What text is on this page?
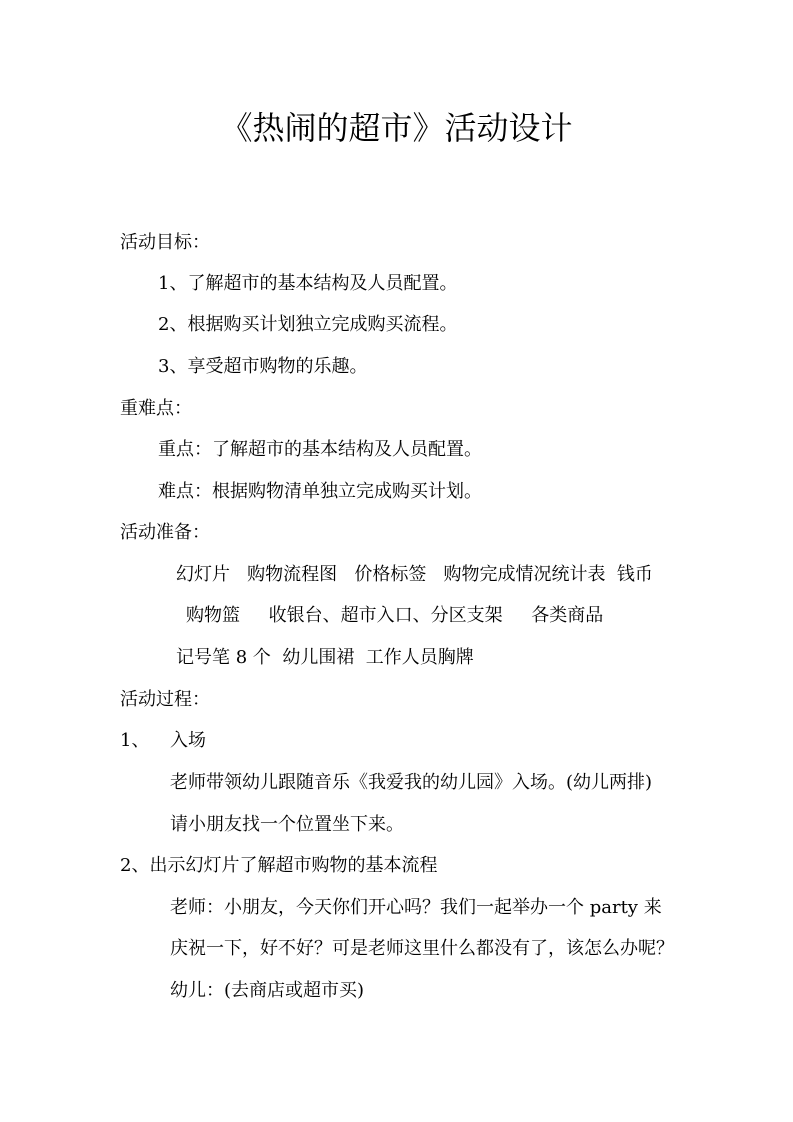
《热闹的超市》活动设计
活动目标：
1、了解超市的基本结构及人员配置。
2、根据购买计划独立完成购买流程。
3、享受超市购物的乐趣。
重难点：
重点：了解超市的基本结构及人员配置。
难点：根据购物清单独立完成购买计划。
活动准备：
幻灯片   购物流程图   价格标签   购物完成情况统计表  钱币
购物篮     收银台、超市入口、分区支架     各类商品
记号笔 8 个  幼儿围裙  工作人员胸牌
活动过程：
1、 入场
老师带领幼儿跟随音乐《我爱我的幼儿园》入场。(幼儿两排)
请小朋友找一个位置坐下来。
2、出示幻灯片了解超市购物的基本流程
老师：小朋友，今天你们开心吗？我们一起举办一个 party 来
庆祝一下，好不好？可是老师这里什么都没有了，该怎么办呢？
幼儿：(去商店或超市买)
